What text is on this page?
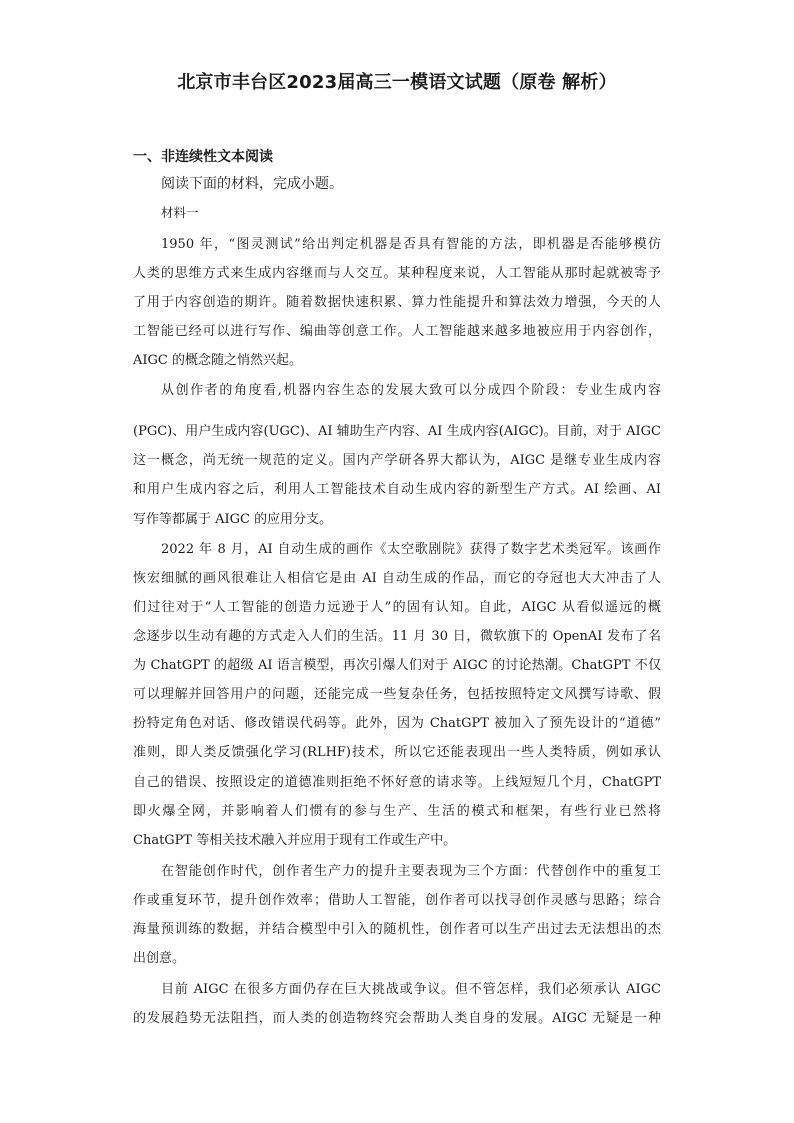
北京市丰台区2023届高三一模语文试题（原卷 解析）
一、非连续性文本阅读
阅读下面的材料，完成小题。
材料一
1950 年，“图灵测试”给出判定机器是否具有智能的方法，即机器是否能够模仿
人类的思维方式来生成内容继而与人交互。某种程度来说，人工智能从那时起就被寄予
了用于内容创造的期许。随着数据快速积累、算力性能提升和算法效力增强，今天的人
工智能已经可以进行写作、编曲等创意工作。人工智能越来越多地被应用于内容创作，
AIGC 的概念随之悄然兴起。
从创作者的角度看,机器内容生态的发展大致可以分成四个阶段：专业生成内容
(PGC)、用户生成内容(UGC)、AI 辅助生产内容、AI 生成内容(AIGC)。目前，对于 AIGC
这一概念，尚无统一规范的定义。国内产学研各界大都认为，AIGC 是继专业生成内容
和用户生成内容之后，利用人工智能技术自动生成内容的新型生产方式。AI 绘画、AI
写作等都属于 AIGC 的应用分支。
2022 年 8 月，AI 自动生成的画作《太空歌剧院》获得了数字艺术类冠军。该画作
恢宏细腻的画风很难让人相信它是由 AI 自动生成的作品，而它的夺冠也大大冲击了人
们过往对于“人工智能的创造力远逊于人”的固有认知。自此，AIGC 从看似遥远的概
念逐步以生动有趣的方式走入人们的生活。11 月 30 日，微软旗下的 OpenAI 发布了名
为 ChatGPT 的超级 AI 语言模型，再次引爆人们对于 AIGC 的讨论热潮。ChatGPT 不仅
可以理解并回答用户的问题，还能完成一些复杂任务，包括按照特定文风撰写诗歌、假
扮特定角色对话、修改错误代码等。此外，因为 ChatGPT 被加入了预先设计的“道德”
准则，即人类反馈强化学习(RLHF)技术，所以它还能表现出一些人类特质，例如承认
自己的错误、按照设定的道德准则拒绝不怀好意的请求等。上线短短几个月，ChatGPT
即火爆全网，并影响着人们惯有的参与生产、生活的模式和框架，有些行业已然将
ChatGPT 等相关技术融入并应用于现有工作或生产中。
在智能创作时代，创作者生产力的提升主要表现为三个方面：代替创作中的重复工
作或重复环节，提升创作效率；借助人工智能，创作者可以找寻创作灵感与思路；综合
海量预训练的数据，并结合模型中引入的随机性，创作者可以生产出过去无法想出的杰
出创意。
目前 AIGC 在很多方面仍存在巨大挑战或争议。但不管怎样，我们必须承认 AIGC
的发展趋势无法阻挡，而人类的创造物终究会帮助人类自身的发展。AIGC 无疑是一种
